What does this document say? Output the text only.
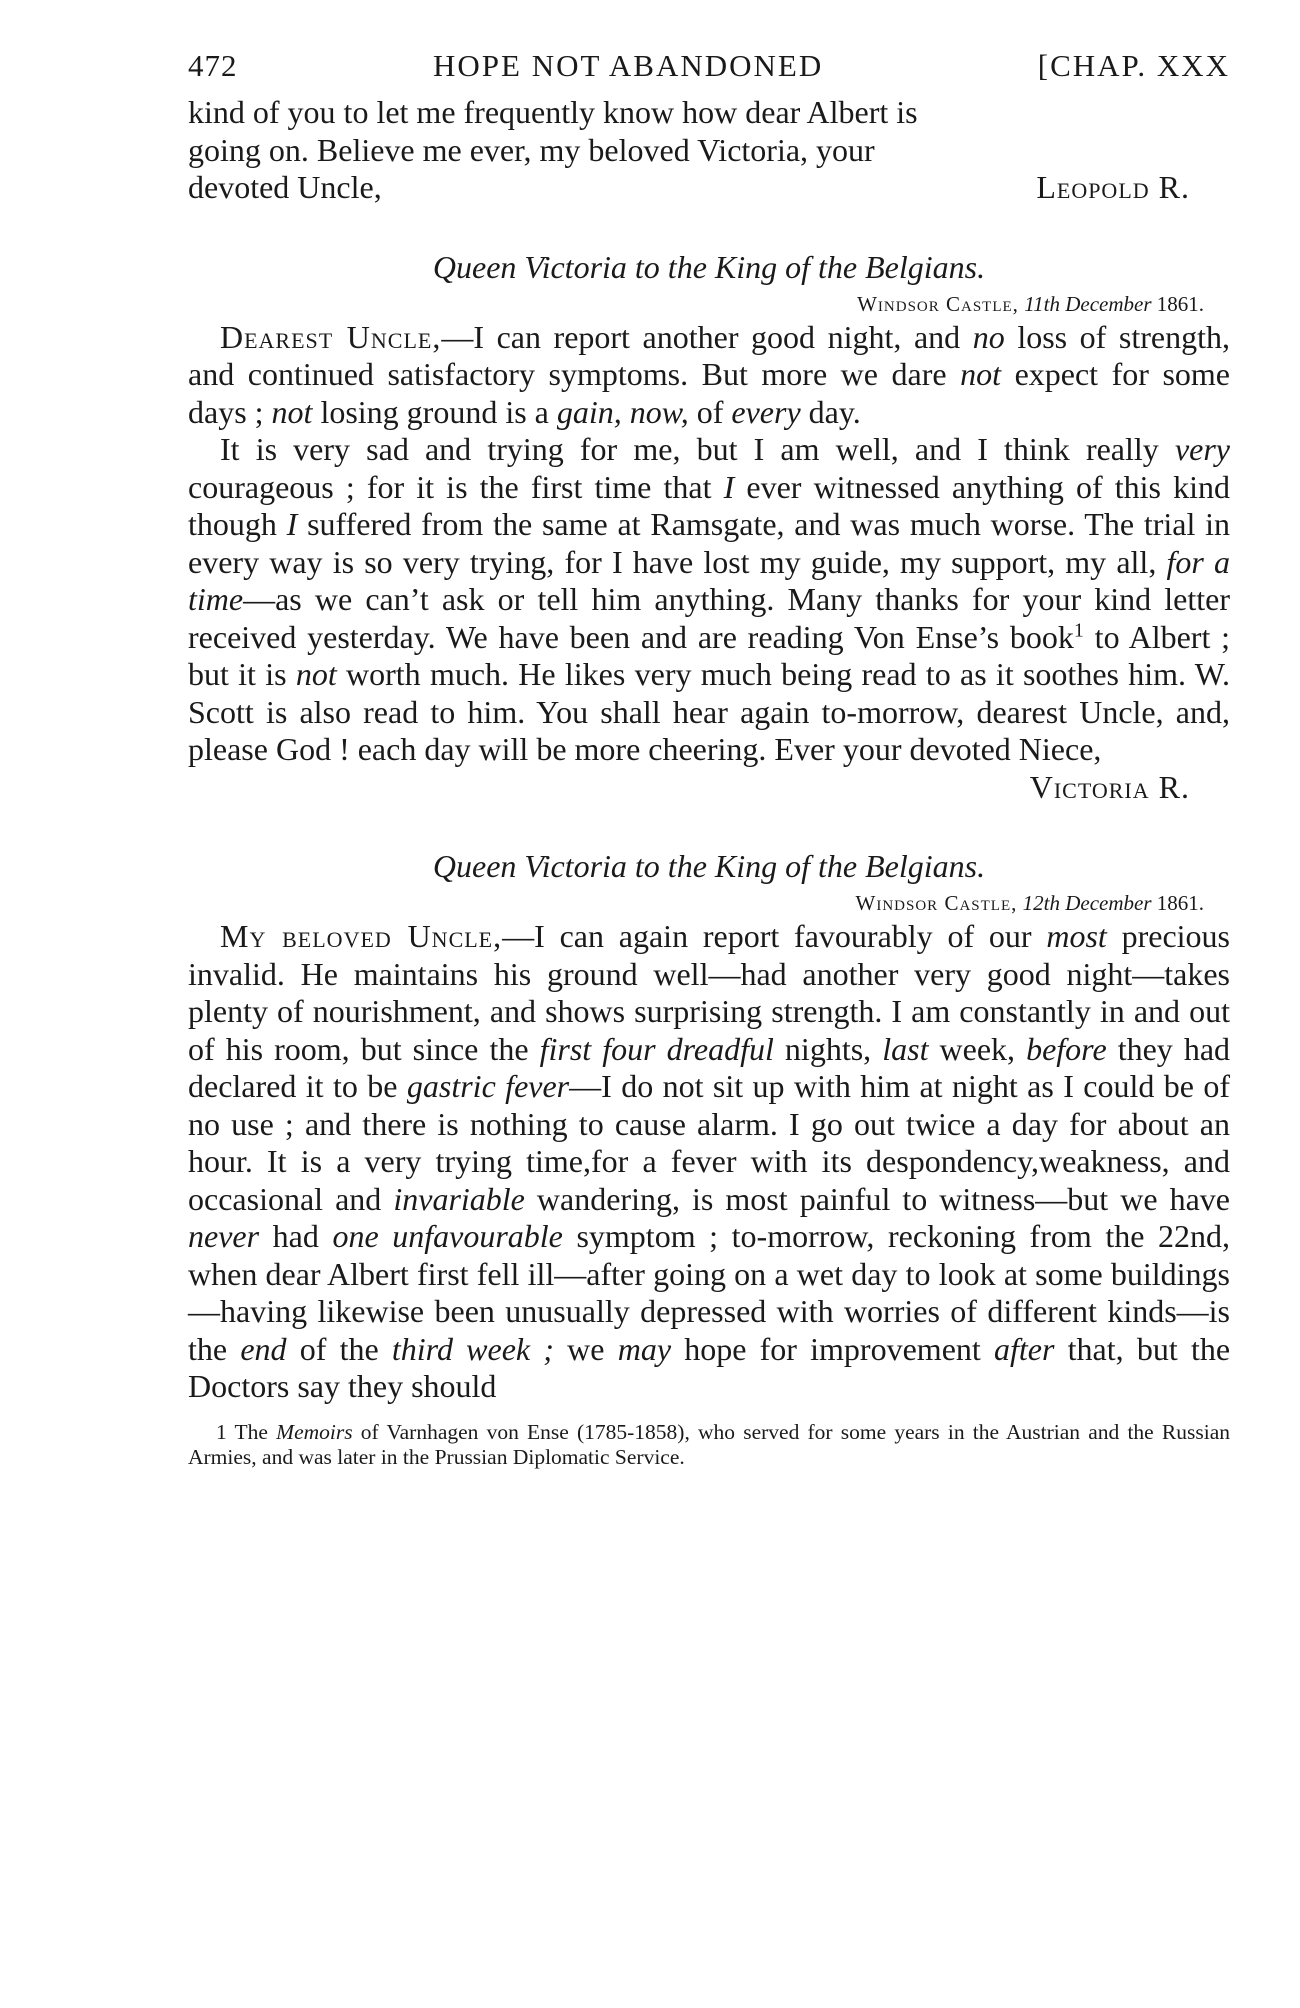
472	HOPE NOT ABANDONED	[CHAP. XXX

kind of you to let me frequently know how dear Albert is

going on. Believe me ever, my beloved Victoria, your

devoted Uncle,	Leopold R.

Queen Victoria to the King of the Belgians.
Windsor Castle, 11th December 1861.

Dearest Uncle,—I can report another good night, and no loss of strength, and continued satisfactory symptoms. But more we dare not expect for some days ; not losing ground is a gain, now, of every day.

It is very sad and trying for me, but I am well, and I think really very courageous ; for it is the first time that I ever witnessed anything of this kind though I suffered from the same at Ramsgate, and was much worse. The trial in every way is so very trying, for I have lost my guide, my support, my all, for a time—as we can’t ask or tell him anything. Many thanks for your kind letter received yesterday. We have been and are reading Von Ense’s book$^1$ to Albert ; but it is not worth much. He likes very much being read to as it soothes him. W. Scott is also read to him. You shall hear again to-morrow, dearest Uncle, and, please God ! each day will be more cheering. Ever your devoted Niece,

Victoria R.

Queen Victoria to the King of the Belgians.
Windsor Castle, 12th December 1861.

My beloved Uncle,—I can again report favourably of our most precious invalid. He maintains his ground well—had another very good night—takes plenty of nourishment, and shows surprising strength. I am constantly in and out of his room, but since the first four dreadful nights, last week, before they had declared it to be gastric fever—I do not sit up with him at night as I could be of no use ; and there is nothing to cause alarm. I go out twice a day for about an hour. It is a very trying time,for a fever with its despondency,weakness, and occasional and invariable wandering, is most painful to witness—but we have never had one unfavourable symptom ; to-morrow, reckoning from the 22nd, when dear Albert first fell ill—after going on a wet day to look at some buildings—having likewise been unusually depressed with worries of different kinds—is the end of the third week ; we may hope for improvement after that, but the Doctors say they should

1 The Memoirs of Varnhagen von Ense (1785-1858), who served for some years in the Austrian and the Russian Armies, and was later in the Prussian Diplomatic Service.
